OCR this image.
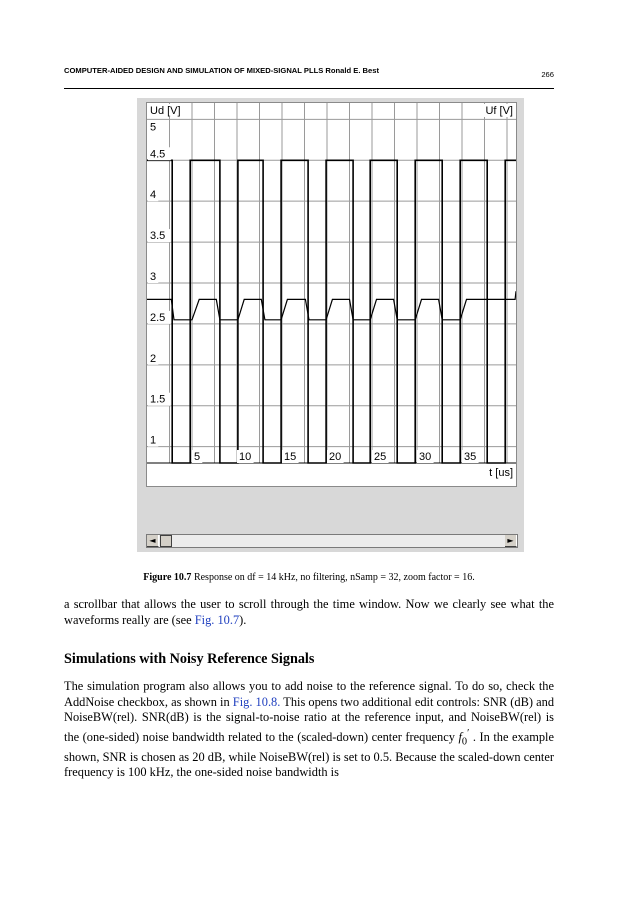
COMPUTER-AIDED DESIGN AND SIMULATION OF MIXED-SIGNAL PLLS Ronald E. Best	266
5
4.5
4
3.5
3
2.5
2
1.5
1
Ud [V]	Uf [V]
5	10	15	20	25	30	35
t [us]
◄	►
Figure 10.7 Response on df = 14 kHz, no filtering, nSamp = 32, zoom factor = 16.
a scrollbar that allows the user to scroll through the time window. Now we clearly see what the waveforms really are (see Fig. 10.7).
Simulations with Noisy Reference Signals
The simulation program also allows you to add noise to the reference signal. To do so, check the AddNoise checkbox, as shown in Fig. 10.8. This opens two additional edit controls: SNR (dB) and NoiseBW(rel). SNR(dB) is the signal-to-noise ratio at the reference input, and NoiseBW(rel) is the (one-sided) noise bandwidth related to the (scaled-down) center frequency $f_0'$ . In the example shown, SNR is chosen as 20 dB, while NoiseBW(rel) is set to 0.5. Because the scaled-down center frequency is 100 kHz, the one-sided noise bandwidth is
